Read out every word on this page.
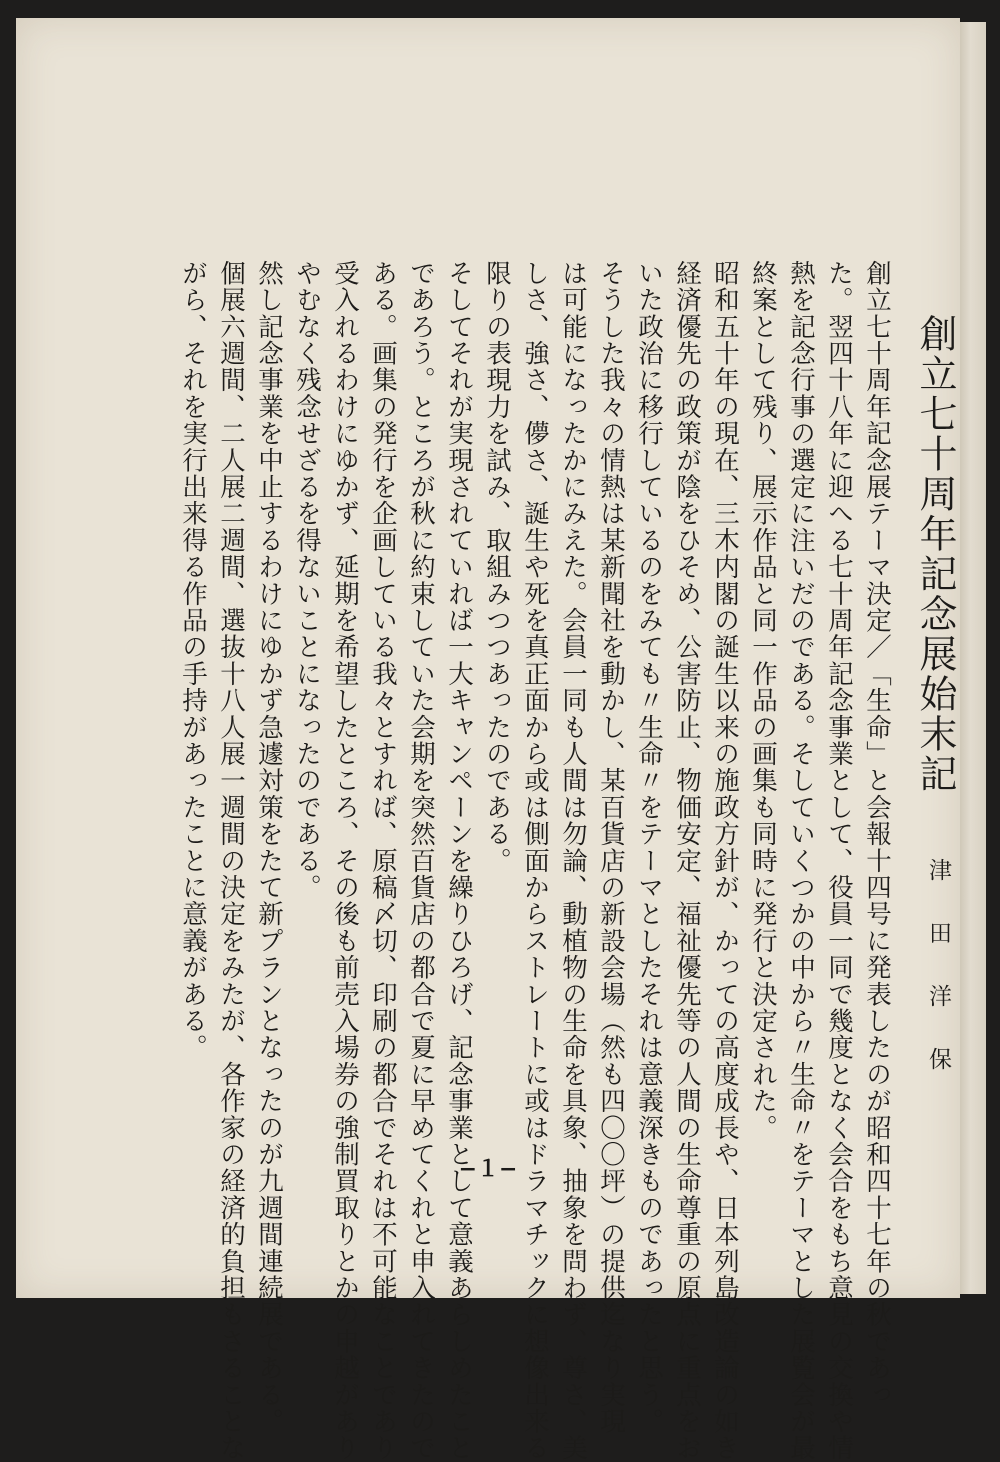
創立七十周年記念展始末記
津田洋保
創立七十周年記念展テーマ決定／「生命」と会報十四号に発表したのが昭和四十七年の秋であっ
た。翌四十八年に迎へる七十周年記念事業として、役員一同で幾度となく会合をもち意見の交換や情
熱を記念行事の選定に注いだのである。そしていくつかの中から〃生命〃をテーマとした展覧会が最
終案として残り、展示作品と同一作品の画集も同時に発行と決定された。
昭和五十年の現在、三木内閣の誕生以来の施政方針が、かっての高度成長や、日本列島改造論の如き
経済優先の政策が陰をひそめ、公害防止、物価安定、福祉優先等の人間の生命尊重の原点に重点をお
いた政治に移行しているのをみても〃生命〃をテーマとしたそれは意義深きものであったと思う。
そうした我々の情熱は某新聞社を動かし、某百貨店の新設会場（然も四〇〇坪）の提供迄なり実現
は可能になったかにみえた。会員一同も人間は勿論、動植物の生命を具象、抽象を問わず、尊さ、美
しさ、強さ、儚さ、誕生や死を真正面から或は側面からストレートに或はドラマチックに想像出来る
限りの表現力を試み、取組みつつあったのである。
そしてそれが実現されていれば一大キャンペーンを繰りひろげ、記念事業として意義あらしめたこと
であろう。ところが秋に約束していた会期を突然百貨店の都合で夏に早めてくれと申入れてきたので
ある。画集の発行を企画している我々とすれば、原稿〆切、印刷の都合でそれは不可能なことであり
受入れるわけにゆかず、延期を希望したところ、その後も前売入場券の強制買取りとかの申越があり
やむなく残念せざるを得ないことになったのである。
然し記念事業を中止するわけにゆかず急遽対策をたて新プランとなったのが九週間連続展である。
個展六週間、二人展二週間、選抜十八人展一週間の決定をみたが、各作家の経済的負担もさることな
がら、それを実行出来得る作品の手持があったことに意義がある。
−１−
